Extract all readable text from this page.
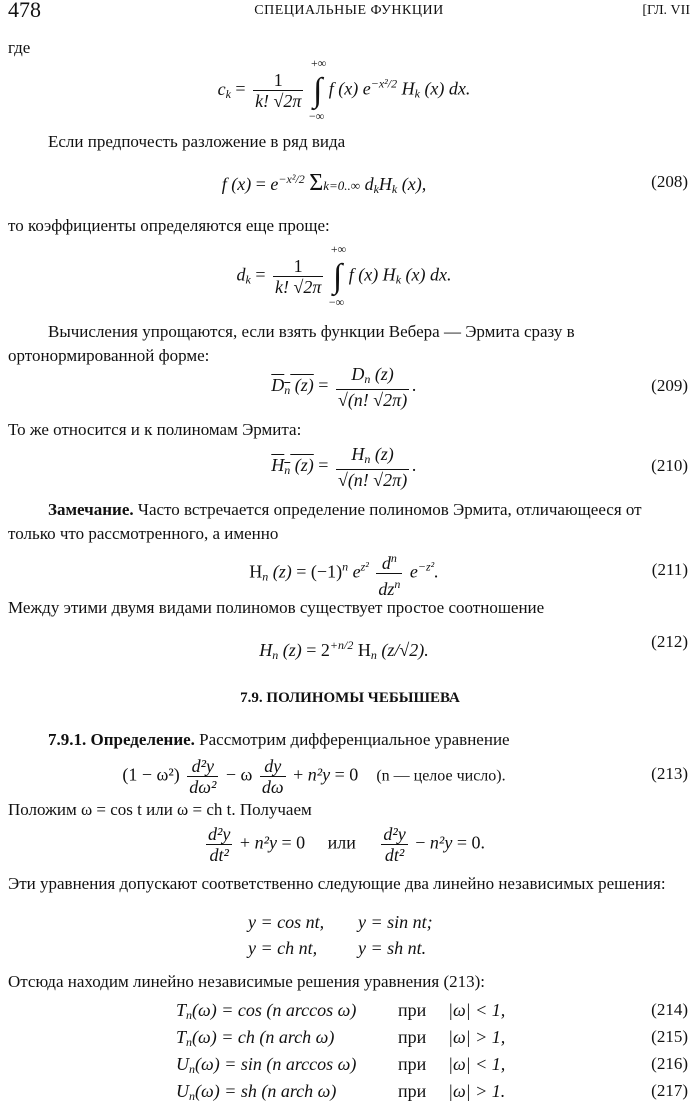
478	СПЕЦИАЛЬНЫЕ ФУНКЦИИ	[ГЛ. VII
где
$c_k = \frac{1}{k! √2\pi}$ ∫
+∞
−∞
f (x) $e^{-x^2/2}$ $H_k$ (x) dx.
Если предпочесть разложение в ряд вида
f $(x) = e^{-x^2/2}$ Σk=0..∞ $d_kH_k$ (x),	(208)
то коэффициенты определяются еще проще:
$d_k = \frac{1}{k! √2\pi}$ ∫
+∞
−∞
f (x) $H_k$ (x) dx.
Вычисления упрощаются, если взять функции Вебера — Эрмита сразу в ортонормированной форме:
$D_n$ $(z) = \frac{D_n (z)}{√(n! √2\pi)}$ .	(209)
То же относится и к полиномам Эрмита:
$H_n$ $(z) = \frac{H_n (z)}{√(n! √2\pi)}$ .	(210)
Замечание. Часто встречается определение полиномов Эрмита, отличающееся от только что рассмотренного, а именно
$H_n$ $(z) = (-1)^n$ $e^{z^2} \frac{d^n}{dz^n} e^{-z^2}$.	(211)
Между этими двумя видами полиномов существует простое соотношение
$H_n$ $(z) = 2^{+n/2}$ $H_n$ (z/√2).	(212)
7.9. ПОЛИНОМЫ ЧЕБЫШЕВА
7.9.1. Определение. Рассмотрим дифференциальное уравнение
$(1 - \omega^2) \frac{\text{d²y}}{\text{dω²}} - \omega \frac{dy}{d\omega} + n^2y = 0$ (n — целое число).	(213)
Положим ω = cos t или ω = ch t. Получаем
$\frac{\text{d²y}}{\text{dt²}} + n^2y = 0$ или $\frac{\text{d²y}}{\text{dt²}} - n^2y = 0$.
Эти уравнения допускают соответственно следующие два линейно независимых решения:
y = cos nt, y = sin nt;
y = ch nt, y = sh nt.
Отсюда находим линейно независимые решения уравнения (213):
$T_n(\omega) = \cos (n$ arccos ω) при |ω| < 1,	(214)
$T_n(\omega)$ = ch (n arch ω)	при |ω| > 1,	(215)
$U_n(\omega) = \sin (n$ arccos ω) при |ω| < 1,	(216)
$U_n(\omega)$ = sh (n arch ω)	при |ω| > 1.	(217)
